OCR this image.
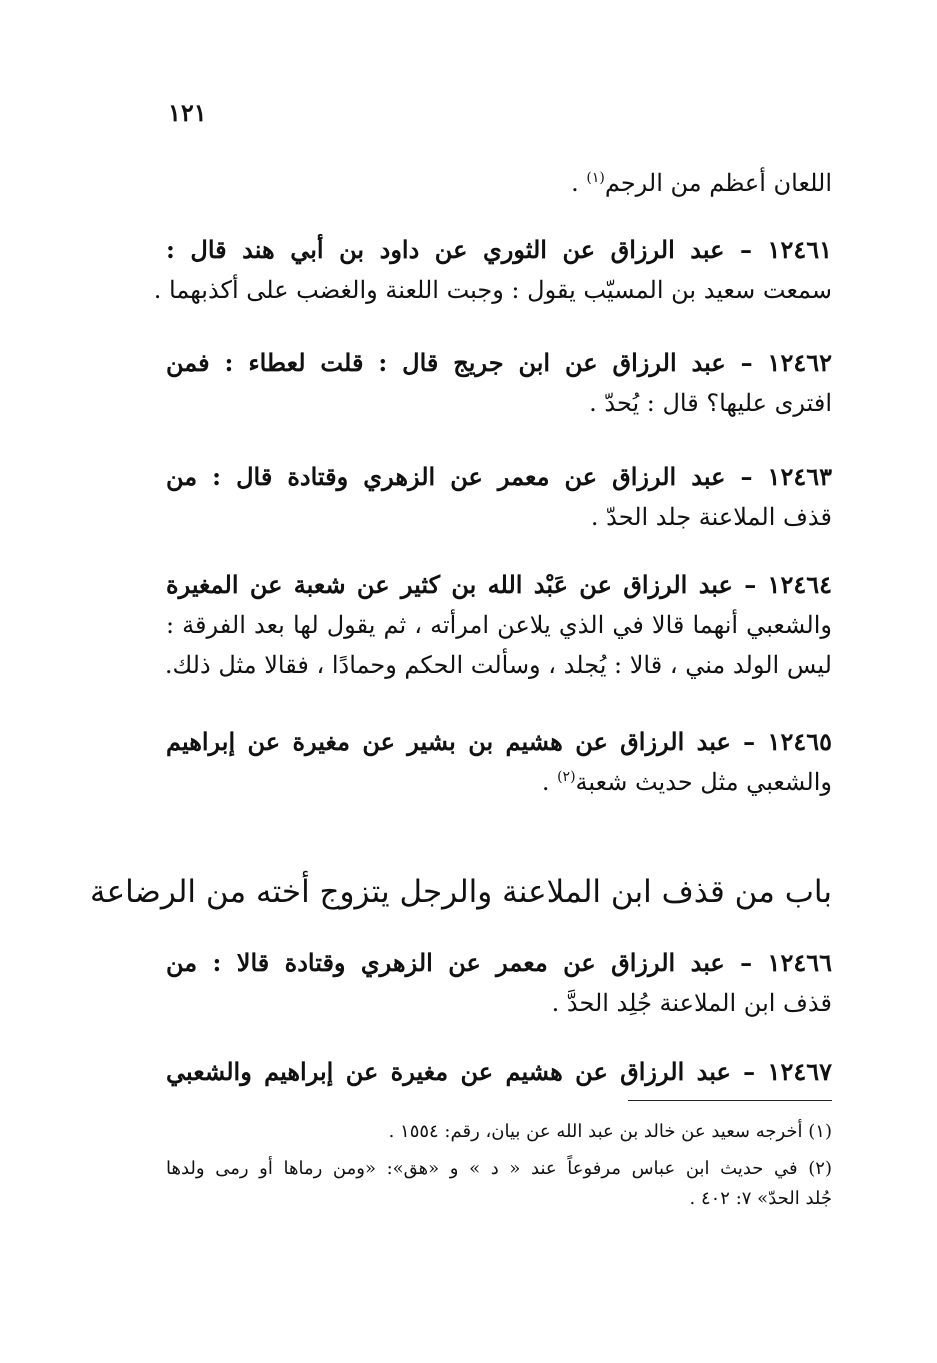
١٢١
اللعان أعظم من الرجم$^{(١)}$ .
١٢٤٦١ – عبد الرزاق عن الثوري عن داود بن أبي هند قال :
سمعت سعيد بن المسيّب يقول : وجبت اللعنة والغضب على أكذبهما .
١٢٤٦٢ – عبد الرزاق عن ابن جريج قال : قلت لعطاء : فمن
افترى عليها؟ قال : يُحدّ .
١٢٤٦٣ – عبد الرزاق عن معمر عن الزهري وقتادة قال : من
قذف الملاعنة جلد الحدّ .
١٢٤٦٤ – عبد الرزاق عن عَبْد الله بن كثير عن شعبة عن المغيرة
والشعبي أنهما قالا في الذي يلاعن امرأته ، ثم يقول لها بعد الفرقة :
ليس الولد مني ، قالا : يُجلد ، وسألت الحكم وحمادًا ، فقالا مثل ذلك.
١٢٤٦٥ – عبد الرزاق عن هشيم بن بشير عن مغيرة عن إبراهيم
والشعبي مثل حديث شعبة$^{(٢)}$ .
باب من قذف ابن الملاعنة والرجل يتزوج أخته من الرضاعة
١٢٤٦٦ – عبد الرزاق عن معمر عن الزهري وقتادة قالا : من
قذف ابن الملاعنة جُلِد الحدَّ .
١٢٤٦٧ – عبد الرزاق عن هشيم عن مغيرة عن إبراهيم والشعبي
(١) أخرجه سعيد عن خالد بن عبد الله عن بيان، رقم: ١٥٥٤ .
(٢) في حديث ابن عباس مرفوعاً عند « د » و «هق»: «ومن رماها أو رمى ولدها
جُلد الحدّ» ٧: ٤٠٢ .
